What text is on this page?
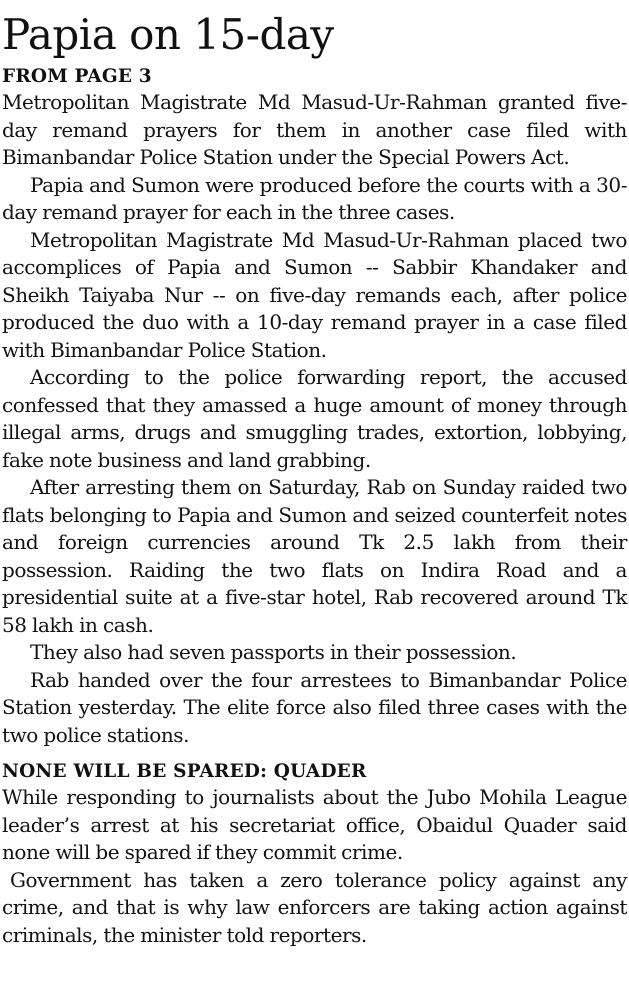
Papia on 15-day
FROM PAGE 3

Metropolitan Magistrate Md Masud-Ur-Rahman granted five-day remand prayers for them in another case filed with Bimanbandar Police Station under the Special Powers Act.

Papia and Sumon were produced before the courts with a 30-day remand prayer for each in the three cases.

Metropolitan Magistrate Md Masud-Ur-Rahman placed two accomplices of Papia and Sumon -- Sabbir Khandaker and Sheikh Taiyaba Nur -- on five-day remands each, after police produced the duo with a 10-day remand prayer in a case filed with Bimanbandar Police Station.

According to the police forwarding report, the accused confessed that they amassed a huge amount of money through illegal arms, drugs and smuggling trades, extortion, lobbying, fake note business and land grabbing.

After arresting them on Saturday, Rab on Sunday raided two flats belonging to Papia and Sumon and seized counterfeit notes and foreign currencies around Tk 2.5 lakh from their possession. Raiding the two flats on Indira Road and a presidential suite at a five-star hotel, Rab recovered around Tk 58 lakh in cash.

They also had seven passports in their possession.

Rab handed over the four arrestees to Bimanbandar Police Station yesterday. The elite force also filed three cases with the two police stations.

NONE WILL BE SPARED: QUADER

While responding to journalists about the Jubo Mohila League leader’s arrest at his secretariat office, Obaidul Quader said none will be spared if they commit crime.

Government has taken a zero tolerance policy against any crime, and that is why law enforcers are taking action against criminals, the minister told reporters.
